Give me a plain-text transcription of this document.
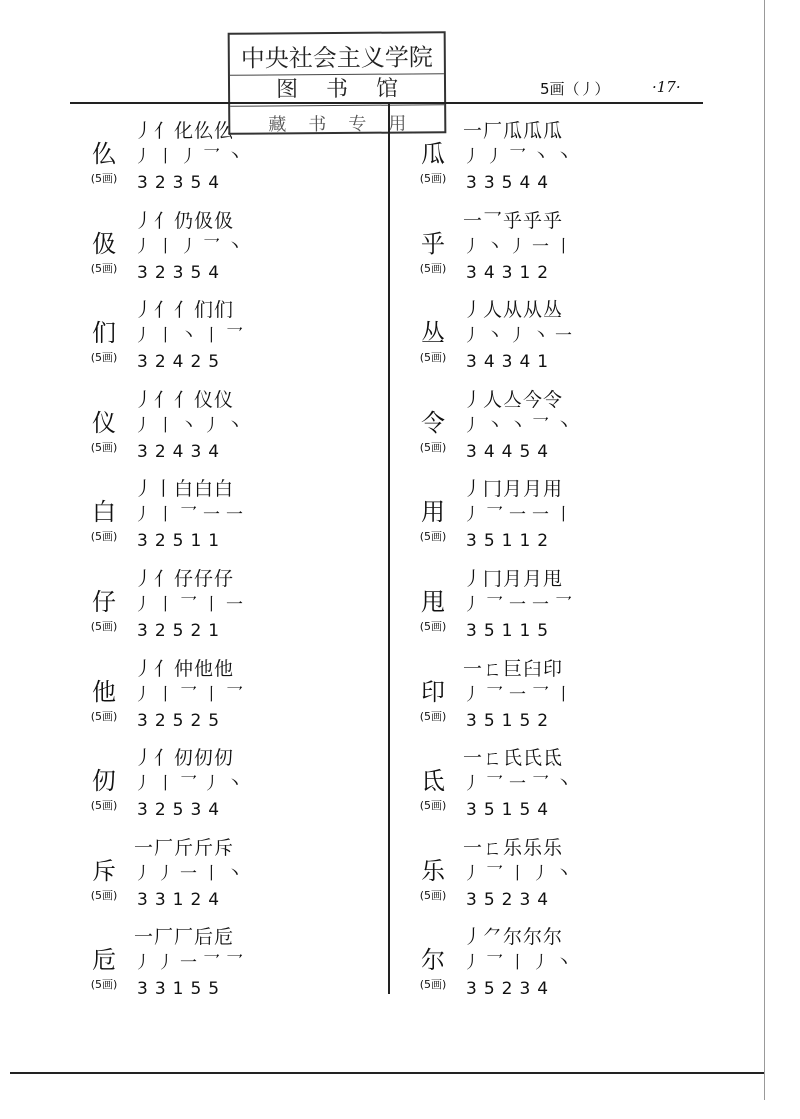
中央社会主义学院
图书馆
藏书专用
5画（丿）	·17·
仫
(5画)
丿亻化仫仫
丿丨丿乛丶
32354
伋
(5画)
丿亻仍伋伋
丿丨丿乛丶
32354
们
(5画)
丿亻亻们们
丿丨丶丨乛
32425
仪
(5画)
丿亻亻仪仪
丿丨丶丿丶
32434
白
(5画)
丿丨白白白
丿丨乛一一
32511
仔
(5画)
丿亻仔仔仔
丿丨乛丨一
32521
他
(5画)
丿亻仲他他
丿丨乛丨乛
32525
仞
(5画)
丿亻仞仞仞
丿丨乛丿丶
32534
斥
(5画)
一厂斤斤斥
丿丿一丨丶
33124
卮
(5画)
一厂厂后卮
丿丿一乛乛
33155
瓜
(5画)
一厂瓜瓜瓜
丿丿乛丶丶
33544
乎
(5画)
一乛乎乎乎
丿丶丿一丨
34312
丛
(5画)
丿人从从丛
丿丶丿丶一
34341
令
(5画)
丿人亼今令
丿丶丶乛丶
34454
用
(5画)
丿冂月月用
丿乛一一丨
35112
甩
(5画)
丿冂月月甩
丿乛一一乛
35115
印
(5画)
一ㄈ巨臼印
丿乛一乛丨
35152
氐
(5画)
一ㄈ氏氏氐
丿乛一乛丶
35154
乐
(5画)
一ㄈ乐乐乐
丿乛丨丿丶
35234
尔
(5画)
丿⺈尔尔尔
丿乛丨丿丶
35234
